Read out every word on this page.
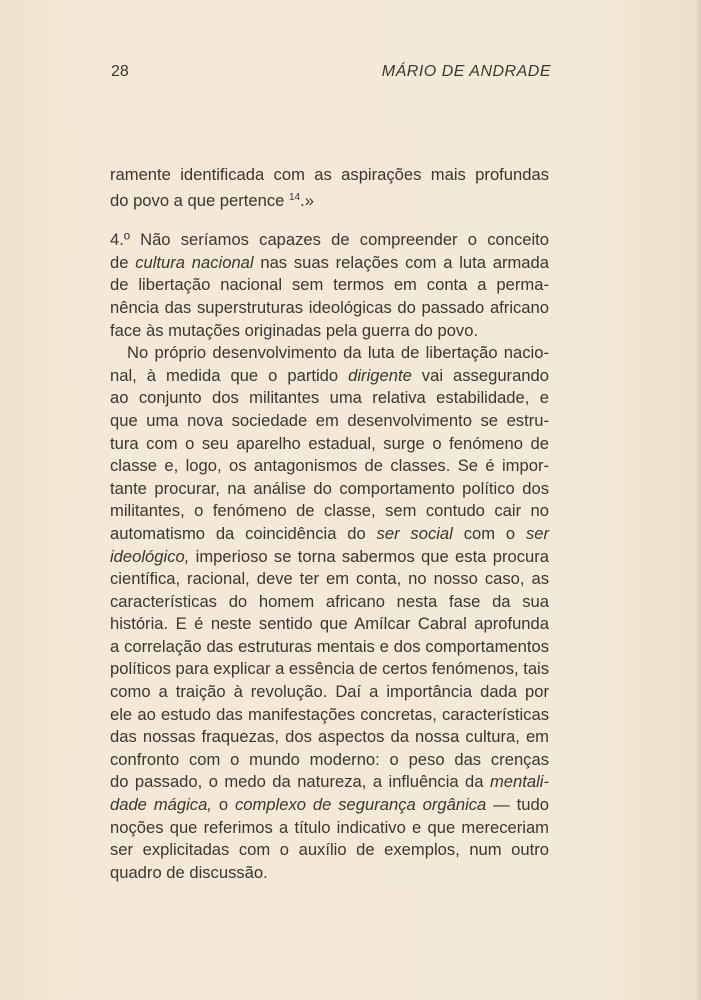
28	MÁRIO DE ANDRADE
ramente identificada com as aspirações mais profundas
do povo a que pertence $^{14}$.»
4.º Não seríamos capazes de compreender o conceito
de cultura nacional nas suas relações com a luta armada
de libertação nacional sem termos em conta a perma-
nência das superstruturas ideológicas do passado africano
face às mutações originadas pela guerra do povo.
No próprio desenvolvimento da luta de libertação nacio-
nal, à medida que o partido dirigente vai assegurando
ao conjunto dos militantes uma relativa estabilidade, e
que uma nova sociedade em desenvolvimento se estru-
tura com o seu aparelho estadual, surge o fenómeno de
classe e, logo, os antagonismos de classes. Se é impor-
tante procurar, na análise do comportamento político dos
militantes, o fenómeno de classe, sem contudo cair no
automatismo da coincidência do ser social com o ser
ideológico, imperioso se torna sabermos que esta procura
científica, racional, deve ter em conta, no nosso caso, as
características do homem africano nesta fase da sua
história. E é neste sentido que Amílcar Cabral aprofunda
a correlação das estruturas mentais e dos comportamentos
políticos para explicar a essência de certos fenómenos, tais
como a traição à revolução. Daí a importância dada por
ele ao estudo das manifestações concretas, características
das nossas fraquezas, dos aspectos da nossa cultura, em
confronto com o mundo moderno: o peso das crenças
do passado, o medo da natureza, a influência da mentali-
dade mágica, o complexo de segurança orgânica — tudo
noções que referimos a título indicativo e que mereceriam
ser explicitadas com o auxílio de exemplos, num outro
quadro de discussão.
